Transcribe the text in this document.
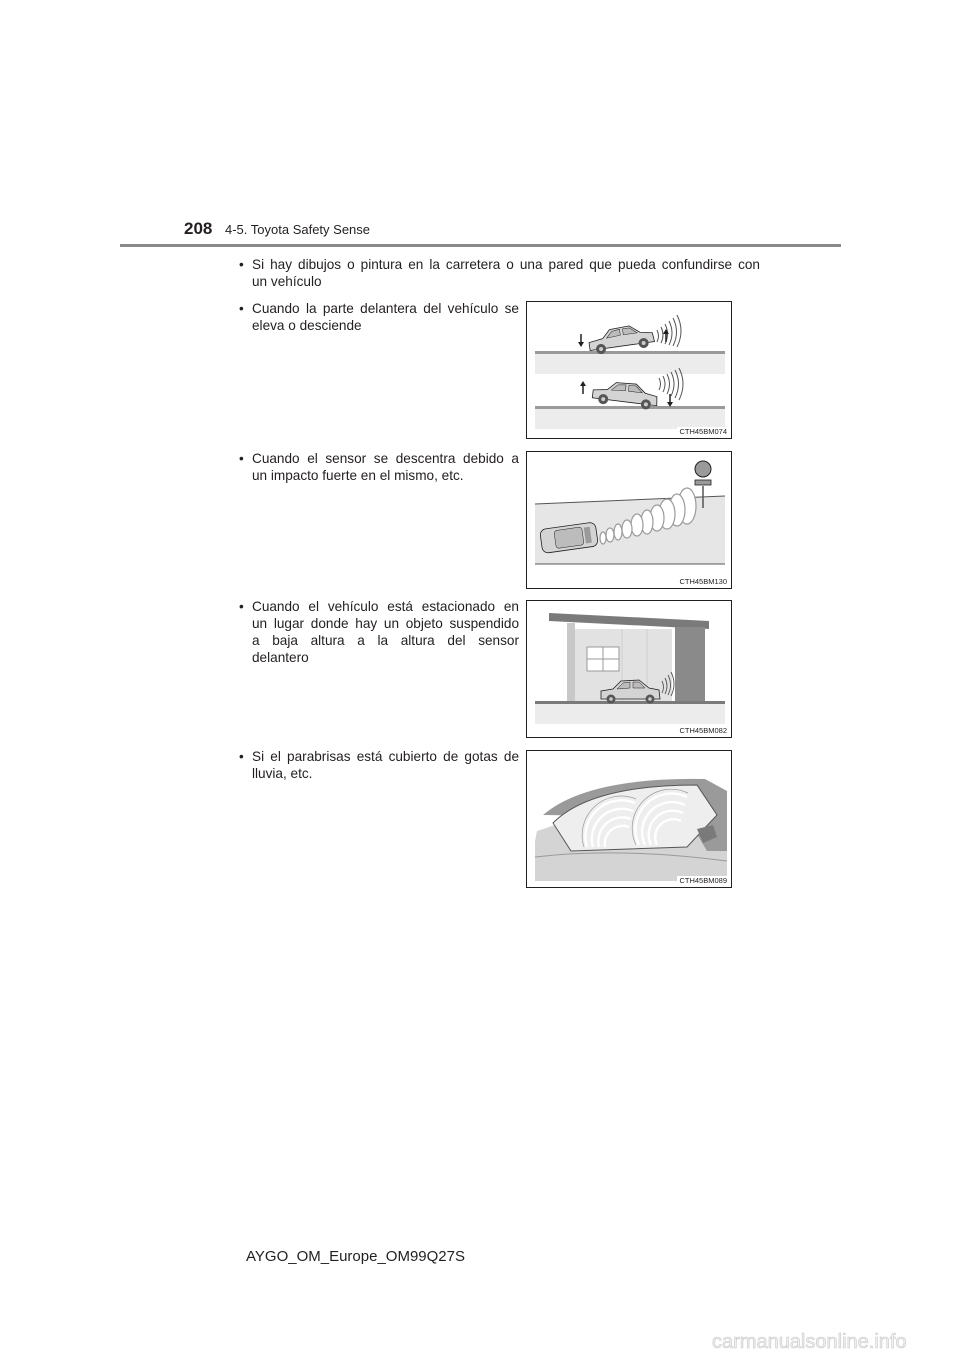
208 4-5. Toyota Safety Sense
• Si hay dibujos o pintura en la carretera o una pared que pueda confundirse con
un vehículo
• Cuando la parte delantera del vehículo se
eleva o desciende
CTH45BM074
• Cuando el sensor se descentra debido a
un impacto fuerte en el mismo, etc.
CTH45BM130
• Cuando el vehículo está estacionado en
un lugar donde hay un objeto suspendido
a baja altura a la altura del sensor
delantero
CTH45BM082
• Si el parabrisas está cubierto de gotas de
lluvia, etc.
CTH45BM089
AYGO_OM_Europe_OM99Q27S
carmanualsonline.info
